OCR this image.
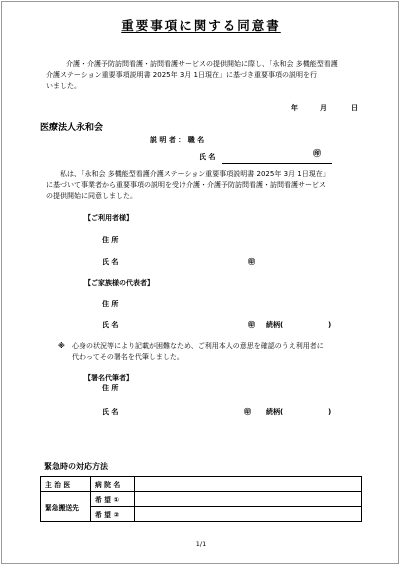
重要事項に関する同意書
介護・介護予防訪問看護・訪問看護サービスの提供開始に際し、「永和会 多機能型看護
介護ステーション重要事項説明書 2025年 3月 1日現在」に基づき重要事項の説明を行
いました。
年	月	日
医療法人永和会
説 明 者 ： 職 名
氏 名	㊞
私は、「永和会 多機能型看護介護ステーション重要事項説明書 2025年 3月 1日現在」
に基づいて事業者から重要事項の説明を受け介護・介護予防訪問看護・訪問看護サービス
の提供開始に同意しました。
【ご利用者様】
住 所
氏 名	㊞
【ご家族様の代表者】
住 所
氏 名	㊞ 続柄(	)
※ 心身の状況等により記載が困難なため、ご利用本人の意思を確認のうえ利用者に
代わってその署名を代筆しました。
【署名代筆者】
住 所
氏 名	㊞ 続柄(	)
緊急時の対応方法
主 治 医	病 院 名	
緊急搬送先	希 望 ①	
	希 望 ②	
1/1
